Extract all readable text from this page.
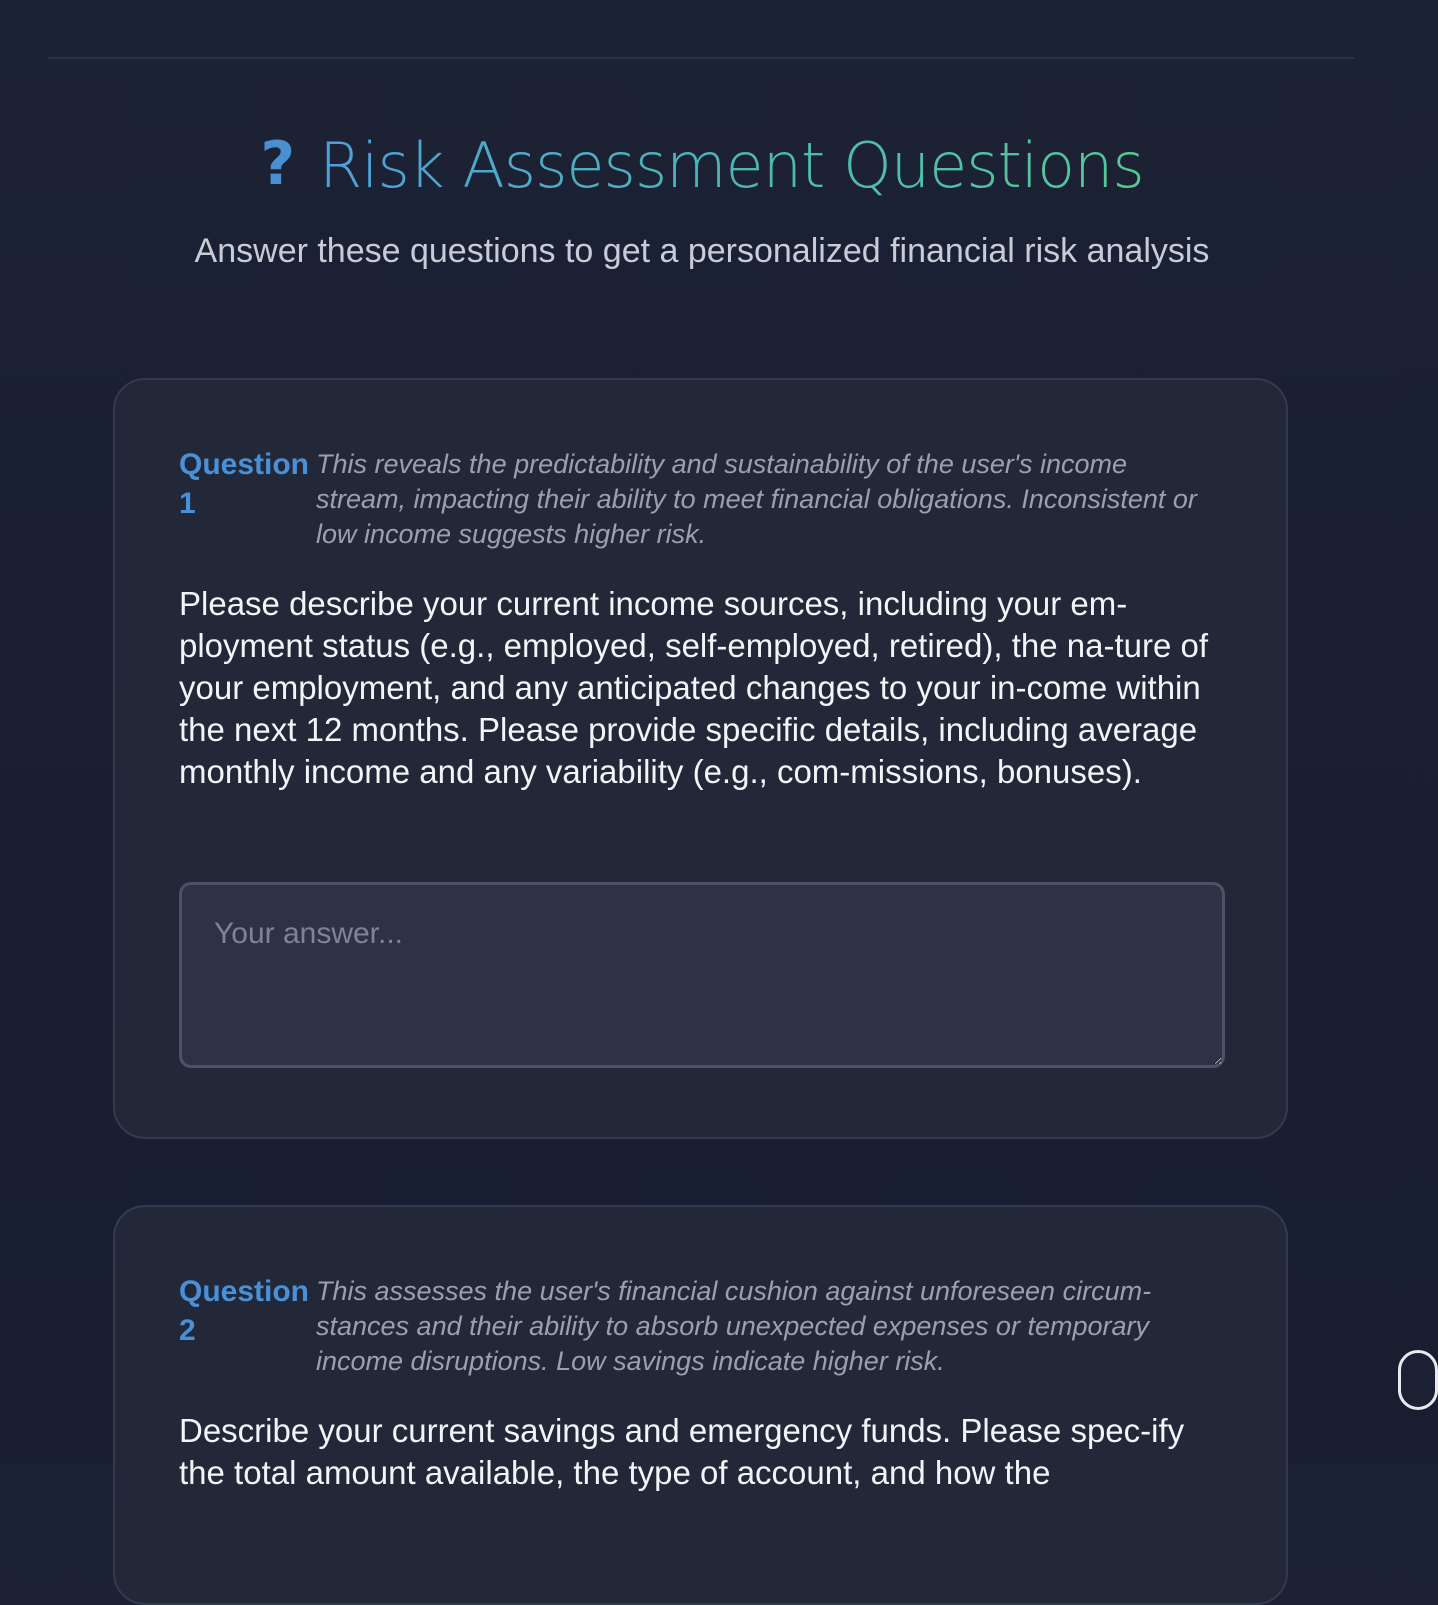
? Risk Assessment Questions
Answer these questions to get a personalized financial risk analysis
Question 1
This reveals the predictability and sustainability of the user's income stream, impacting their ability to meet financial obligations. Inconsistent or low income suggests higher risk.
Please describe your current income sources, including your em-ployment status (e.g., employed, self-employed, retired), the na-ture of your employment, and any anticipated changes to your in-come within the next 12 months. Please provide specific details, including average monthly income and any variability (e.g., com-missions, bonuses).
Your answer...
Question 2
This assesses the user's financial cushion against unforeseen circum-stances and their ability to absorb unexpected expenses or temporary income disruptions. Low savings indicate higher risk.
Describe your current savings and emergency funds. Please spec-ify the total amount available, the type of account, and how the
